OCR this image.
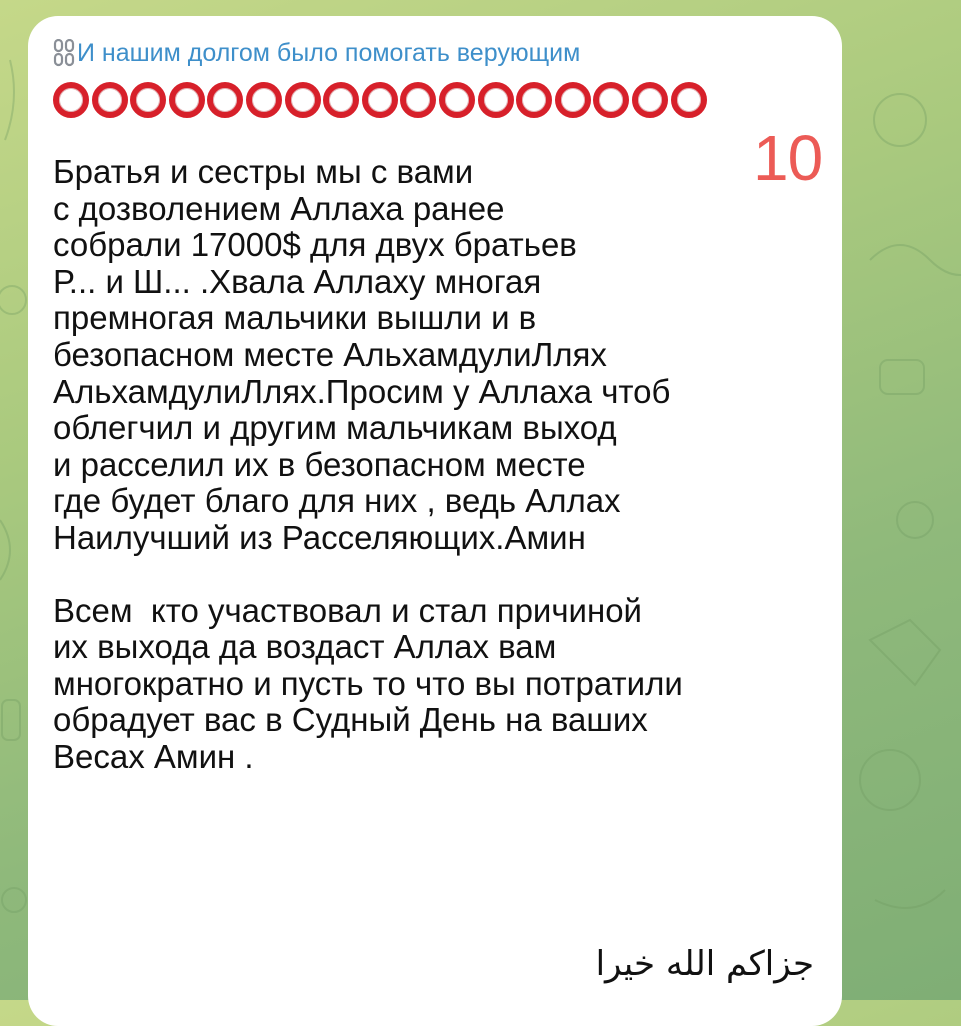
И нашим долгом было помогать верующим
10

Братья и сестры мы с вами
с дозволением Аллаха ранее
собрали 17000$ для двух братьев
Р... и Ш... .Хвала Аллаху многая
премногая мальчики вышли и в
безопасном месте АльхамдулиЛлях
АльхамдулиЛлях.Просим у Аллаха чтоб
облегчил и другим мальчикам выход
и расселил их в безопасном месте
где будет благо для них , ведь Аллах
Наилучший из Расселяющих.Амин

Всем  кто участвовал и стал причиной
их выхода да воздаст Аллах вам
многократно и пусть то что вы потратили
обрадует вас в Судный День на ваших
Весах Амин .

جزاكم الله خيرا
